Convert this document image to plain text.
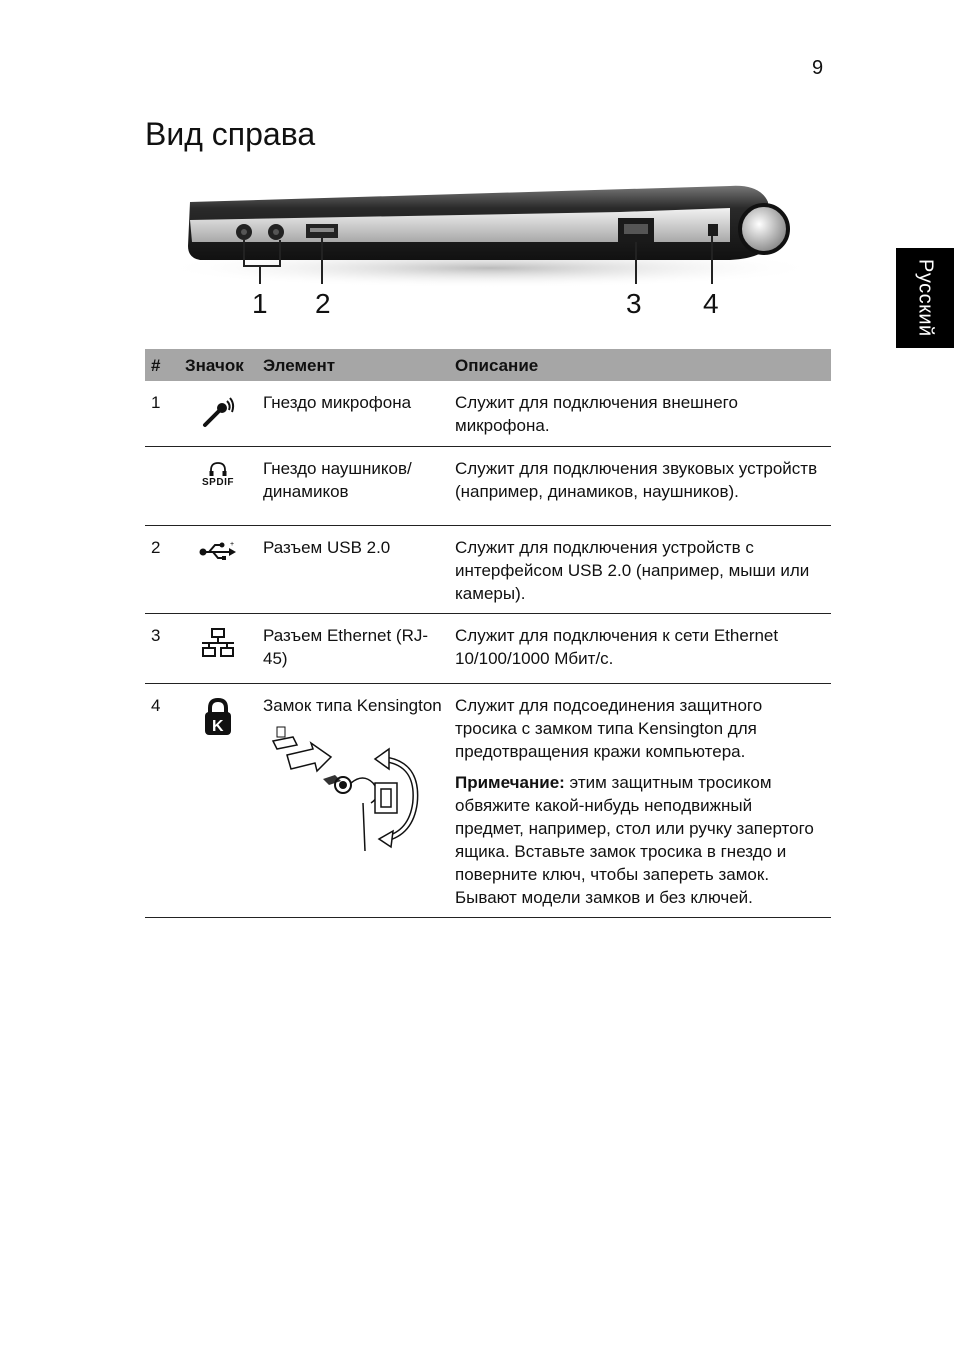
9
Вид справа
Русский
1 2	3 4
#	Значок	Элемент	Описание
1		Гнездо микрофона	Служит для подключения внешнего микрофона.

	SPDIF	Гнездо наушников/ динамиков	Служит для подключения звуковых устройств (например, динамиков, наушников).
2	+	Разъем USB 2.0	Служит для подключения устройств с интерфейсом USB 2.0 (например, мыши или камеры).
3		Разъем Ethernet (RJ-45)	Служит для подключения к сети Ethernet 10/100/1000 Мбит/с.
4	K	Замок типа Kensington	Служит для подсоединения защитного тросика с замком типа Kensington для предотвращения кражи компьютера.

Примечание: этим защитным тросиком обвяжите какой-нибудь неподвижный предмет, например, стол или ручку запертого ящика. Вставьте замок тросика в гнездо и поверните ключ, чтобы запереть замок. Бывают модели замков и без ключей.
